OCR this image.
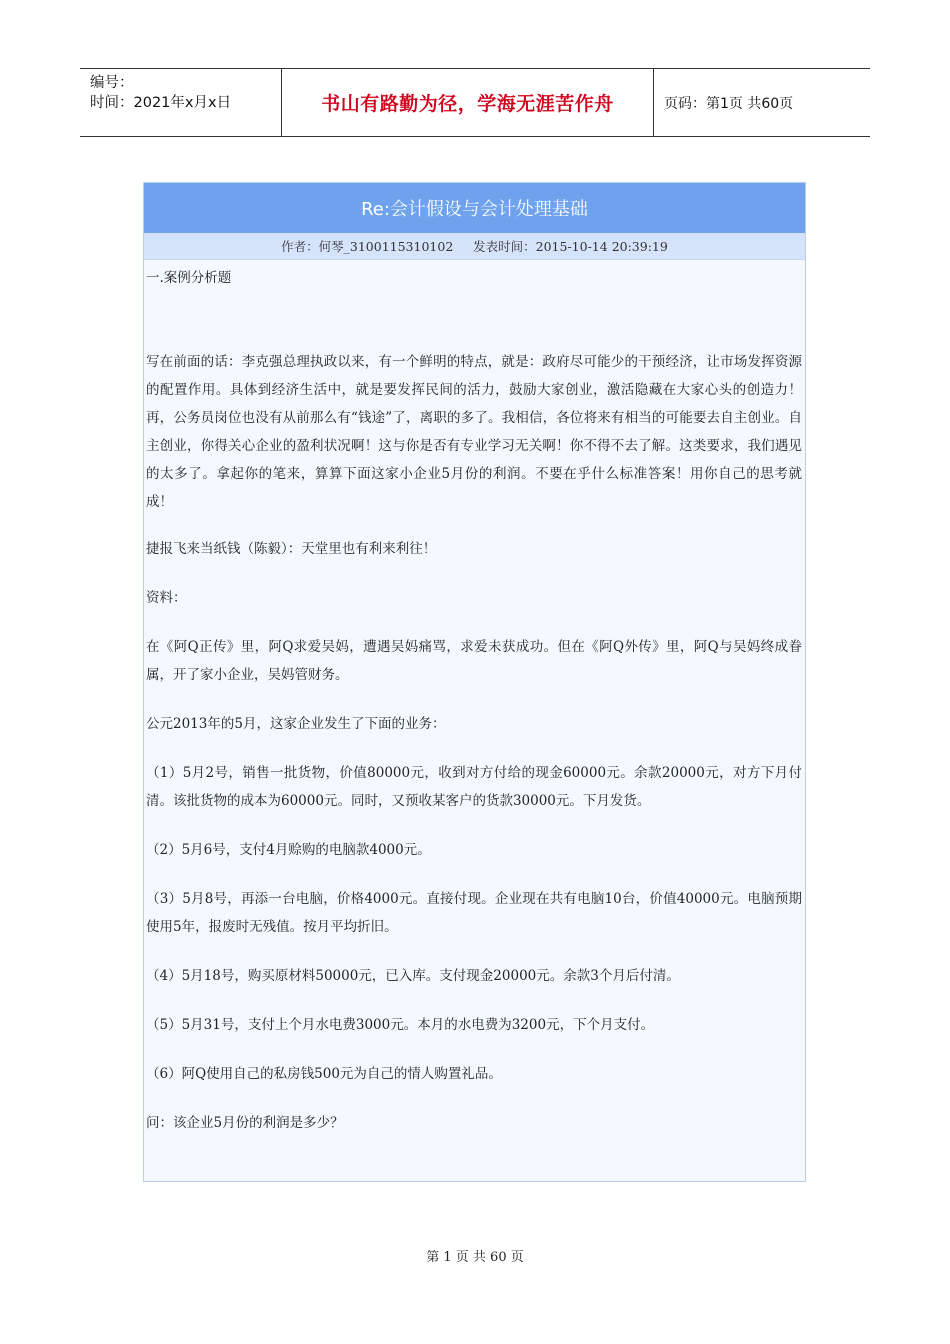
编号：
时间：2021年x月x日	书山有路勤为径，学海无涯苦作舟	页码：第1页 共60页
Re:会计假设与会计处理基础
作者：何琴_3100115310102     发表时间：2015-10-14 20:39:19

一.案例分析题

写在前面的话：李克强总理执政以来，有一个鲜明的特点，就是：政府尽可能少的干预经济，让市场发挥资源的配置作用。具体到经济生活中，就是要发挥民间的活力，鼓励大家创业，激活隐藏在大家心头的创造力！再，公务员岗位也没有从前那么有“钱途”了，离职的多了。我相信，各位将来有相当的可能要去自主创业。自主创业，你得关心企业的盈利状况啊！这与你是否有专业学习无关啊！你不得不去了解。这类要求，我们遇见的太多了。拿起你的笔来，算算下面这家小企业5月份的利润。不要在乎什么标准答案！用你自己的思考就成！

捷报飞来当纸钱（陈毅）：天堂里也有利来利往！

资料：

在《阿Q正传》里，阿Q求爱吴妈，遭遇吴妈痛骂，求爱未获成功。但在《阿Q外传》里，阿Q与吴妈终成眷属，开了家小企业，吴妈管财务。

公元2013年的5月，这家企业发生了下面的业务：

（1）5月2号，销售一批货物，价值80000元，收到对方付给的现金60000元。余款20000元，对方下月付清。该批货物的成本为60000元。同时，又预收某客户的货款30000元。下月发货。

（2）5月6号，支付4月赊购的电脑款4000元。

（3）5月8号，再添一台电脑，价格4000元。直接付现。企业现在共有电脑10台，价值40000元。电脑预期使用5年，报废时无残值。按月平均折旧。

（4）5月18号，购买原材料50000元，已入库。支付现金20000元。余款3个月后付清。

（5）5月31号，支付上个月水电费3000元。本月的水电费为3200元，下个月支付。

（6）阿Q使用自己的私房钱500元为自己的情人购置礼品。

问：该企业5月份的利润是多少？

第 1 页 共 60 页
